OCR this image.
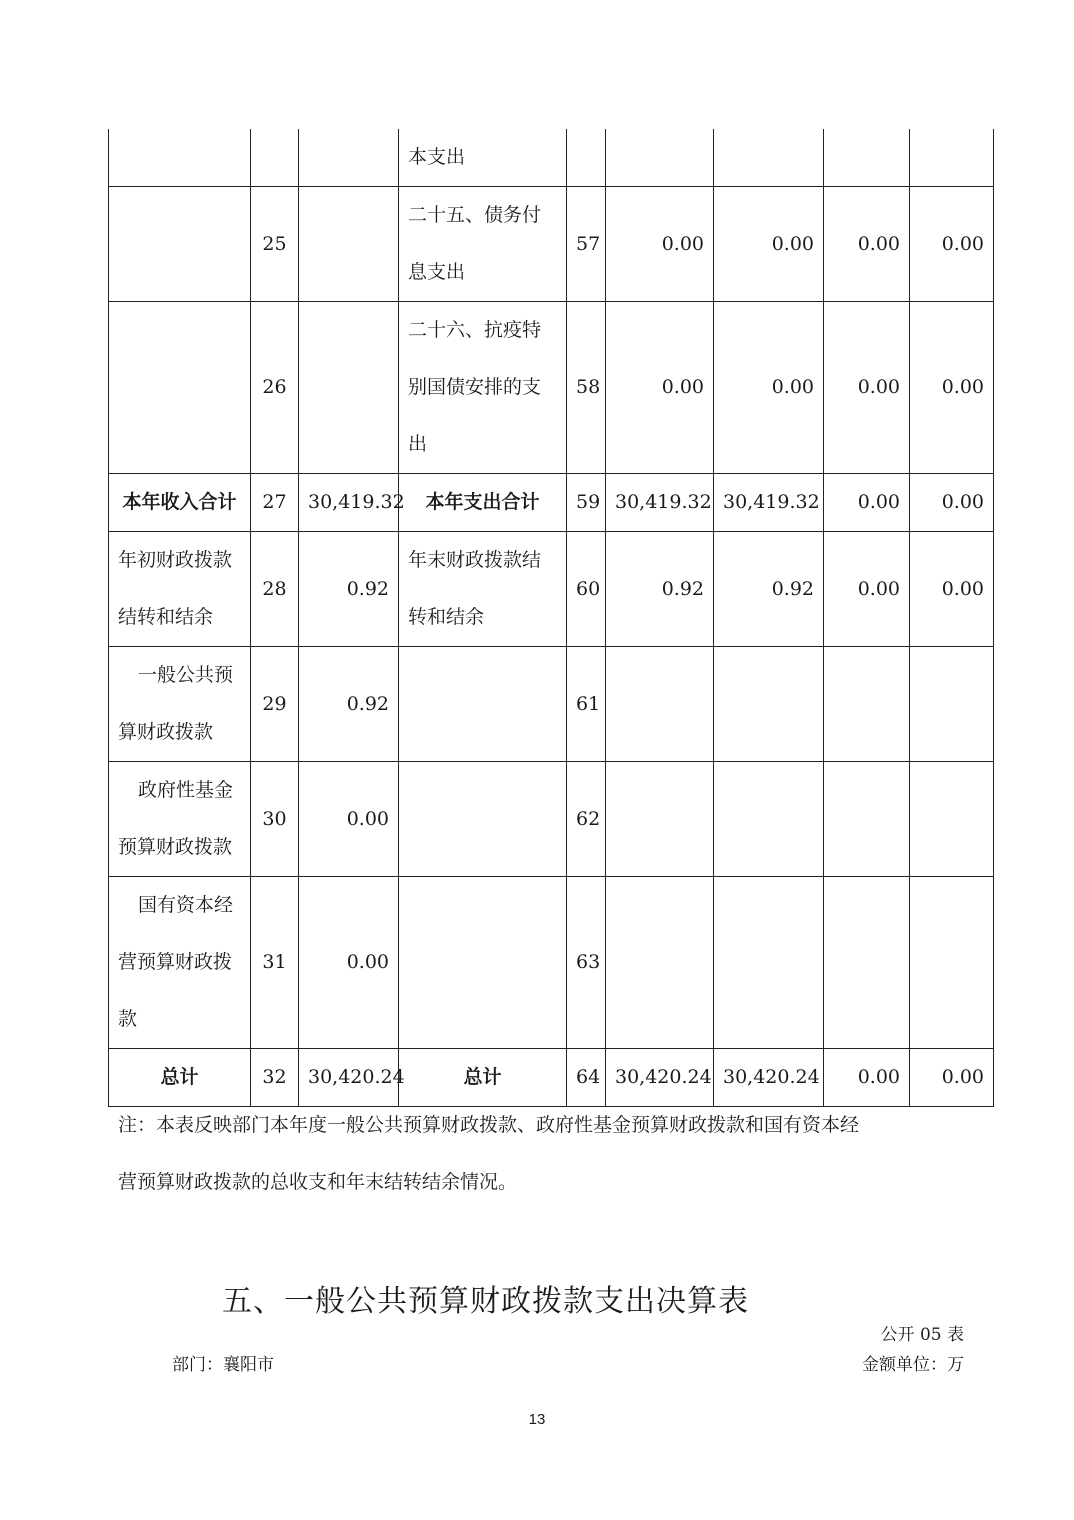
			本支出					
	25		二十五、债务付息支出	57	0.00	0.00	0.00	0.00
	26		二十六、抗疫特别国债安排的支出	58	0.00	0.00	0.00	0.00
本年收入合计	27	30,419.32	本年支出合计	59	30,419.32	30,419.32	0.00	0.00
年初财政拨款结转和结余	28	0.92	年末财政拨款结转和结余	60	0.92	0.92	0.00	0.00
一般公共预算财政拨款	29	0.92		61				
政府性基金预算财政拨款	30	0.00		62				
国有资本经营预算财政拨款	31	0.00		63				
总计	32	30,420.24	总计	64	30,420.24	30,420.24	0.00	0.00
注：本表反映部门本年度一般公共预算财政拨款、政府性基金预算财政拨款和国有资本经
营预算财政拨款的总收支和年末结转结余情况。
五、一般公共预算财政拨款支出决算表
公开 05 表
部门：襄阳市	金额单位：万
13
